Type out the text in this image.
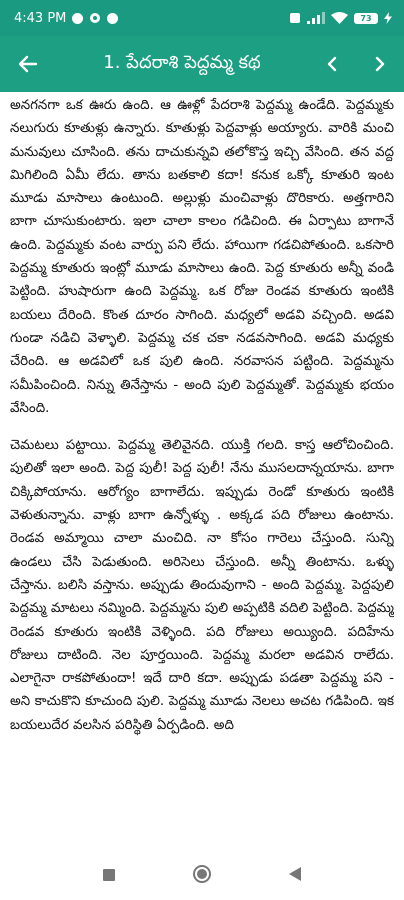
4:43 PM	73
1. పేదరాశి పెద్దమ్మ కథ

అనగనగా ఒక ఊరు ఉంది. ఆ ఊళ్లో పేదరాశి పెద్దమ్మ ఉండేది. పెద్దమ్మకు నలుగురు కూతుళ్లు ఉన్నారు. కూతుళ్లు పెద్దవాళ్లు అయ్యారు. వారికి మంచి మనువులు చూసింది. తను దాచుకున్నవి తలోకొస్త ఇచ్చి వేసింది. తన వద్ద మిగిలింది ఏమీ లేదు. తాను బతకాలి కదా! కనుక ఒక్కో కూతురి ఇంట మూడు మాసాలు ఉంటుంది. అల్లుళ్లు మంచివాళ్లు దొరికారు. అత్తగారిని బాగా చూసుకుంటారు. ఇలా చాలా కాలం గడిచింది. ఈ ఏర్పాటు బాగానే ఉంది. పెద్దమ్మకు వంట వార్పు పని లేదు. హాయిగా గడచిపోతుంది. ఒకసారి పెద్దమ్మ కూతురు ఇంట్లో మూడు మాసాలు ఉంది. పెద్ద కూతురు అన్నీ వండి పెట్టింది. హుషారుగా ఉంది పెద్దమ్మ. ఒక రోజు రెండవ కూతురు ఇంటికి బయలు దేరింది. కొంత దూరం సాగింది. మధ్యలో అడవి వచ్చింది. అడవి గుండా నడిచి వెళ్ళాలి. పెద్దమ్మ చక చకా నడవసాగింది. అడవి మధ్యకు చేరింది. ఆ అడవిలో ఒక పులి ఉంది. నరవాసన పట్టింది. పెద్దమ్మను సమీపించింది. నిన్ను తినేస్తాను - అంది పులి పెద్దమ్మతో. పెద్దమ్మకు భయం వేసింది.

చెమటలు పట్టాయి. పెద్దమ్మ తెలివైనది. యుక్తి గలది. కాస్త ఆలోచించింది. పులితో ఇలా అంది. పెద్ద పులీ! పెద్ద పులీ! నేను ముసలదాన్నయాను. బాగా చిక్కిపోయాను. ఆరోగ్యం బాగాలేదు. ఇప్పుడు రెండో కూతురు ఇంటికి వెళుతున్నాను. వాళ్లు బాగా ఉన్నోళ్ళు . అక్కడ పది రోజులు ఉంటాను. రెండవ అమ్మాయి చాలా మంచిది. నా కోసం గారెలు చేస్తుంది. సున్ని ఉండలు చేసి పెడుతుంది. అరిసెలు చేస్తుంది. అన్నీ తింటాను. ఒళ్ళు చేస్తాను. బలిసి వస్తాను. అప్పుడు తిందువుగాని - అంది పెద్దమ్మ. పెద్దపులి పెద్దమ్మ మాటలు నమ్మింది. పెద్దమ్మను పులి అప్పటికి వదిలి పెట్టింది. పెద్దమ్మ రెండవ కూతురు ఇంటికి వెళ్ళింది. పది రోజులు అయ్యింది. పదిహేను రోజులు దాటింది. నెల పూర్తయింది. పెద్దమ్మ మరలా అడవిన రాలేదు. ఎలాగైనా రాకపోతుందా! ఇదే దారి కదా. అప్పుడు పడతా పెద్దమ్మ పని - అని కాచుకొని కూచుంది పులి. పెద్దమ్మ మూడు నెలలు అచట గడిపింది. ఇక బయలుదేర వలసిన పరిస్థితి ఏర్పడింది. అది
